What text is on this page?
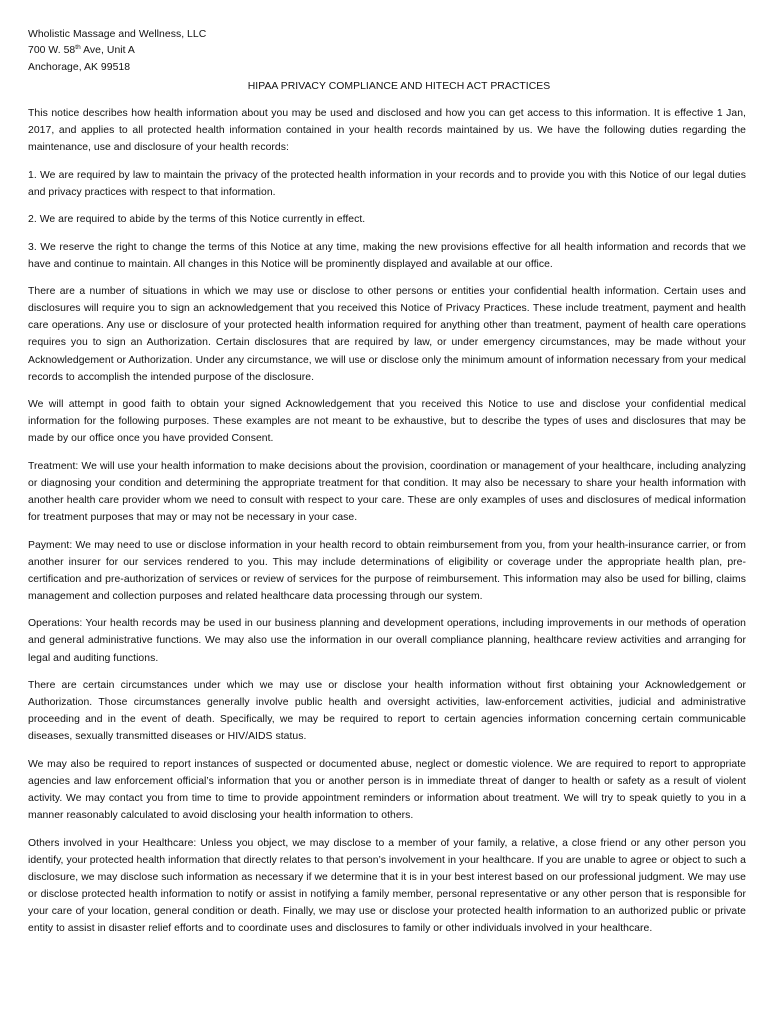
Wholistic Massage and Wellness, LLC

700 W. 58th Ave, Unit A

Anchorage, AK 99518

HIPAA PRIVACY COMPLIANCE AND HITECH ACT PRACTICES

This notice describes how health information about you may be used and disclosed and how you can get access to this information. It is effective 1 Jan, 2017, and applies to all protected health information contained in your health records maintained by us. We have the following duties regarding the maintenance, use and disclosure of your health records:

1. We are required by law to maintain the privacy of the protected health information in your records and to provide you with this Notice of our legal duties and privacy practices with respect to that information.

2. We are required to abide by the terms of this Notice currently in effect.

3. We reserve the right to change the terms of this Notice at any time, making the new provisions effective for all health information and records that we have and continue to maintain. All changes in this Notice will be prominently displayed and available at our office.

There are a number of situations in which we may use or disclose to other persons or entities your confidential health information. Certain uses and disclosures will require you to sign an acknowledgement that you received this Notice of Privacy Practices. These include treatment, payment and health care operations. Any use or disclosure of your protected health information required for anything other than treatment, payment of health care operations requires you to sign an Authorization. Certain disclosures that are required by law, or under emergency circumstances, may be made without your Acknowledgement or Authorization. Under any circumstance, we will use or disclose only the minimum amount of information necessary from your medical records to accomplish the intended purpose of the disclosure.

We will attempt in good faith to obtain your signed Acknowledgement that you received this Notice to use and disclose your confidential medical information for the following purposes. These examples are not meant to be exhaustive, but to describe the types of uses and disclosures that may be made by our office once you have provided Consent.

Treatment: We will use your health information to make decisions about the provision, coordination or management of your healthcare, including analyzing or diagnosing your condition and determining the appropriate treatment for that condition. It may also be necessary to share your health information with another health care provider whom we need to consult with respect to your care. These are only examples of uses and disclosures of medical information for treatment purposes that may or may not be necessary in your case.

Payment: We may need to use or disclose information in your health record to obtain reimbursement from you, from your health-insurance carrier, or from another insurer for our services rendered to you. This may include determinations of eligibility or coverage under the appropriate health plan, pre-certification and pre-authorization of services or review of services for the purpose of reimbursement. This information may also be used for billing, claims management and collection purposes and related healthcare data processing through our system.

Operations: Your health records may be used in our business planning and development operations, including improvements in our methods of operation and general administrative functions. We may also use the information in our overall compliance planning, healthcare review activities and arranging for legal and auditing functions.

There are certain circumstances under which we may use or disclose your health information without first obtaining your Acknowledgement or Authorization. Those circumstances generally involve public health and oversight activities, law-enforcement activities, judicial and administrative proceeding and in the event of death. Specifically, we may be required to report to certain agencies information concerning certain communicable diseases, sexually transmitted diseases or HIV/AIDS status.

We may also be required to report instances of suspected or documented abuse, neglect or domestic violence. We are required to report to appropriate agencies and law enforcement official’s information that you or another person is in immediate threat of danger to health or safety as a result of violent activity. We may contact you from time to time to provide appointment reminders or information about treatment. We will try to speak quietly to you in a manner reasonably calculated to avoid disclosing your health information to others.

Others involved in your Healthcare: Unless you object, we may disclose to a member of your family, a relative, a close friend or any other person you identify, your protected health information that directly relates to that person’s involvement in your healthcare. If you are unable to agree or object to such a disclosure, we may disclose such information as necessary if we determine that it is in your best interest based on our professional judgment. We may use or disclose protected health information to notify or assist in notifying a family member, personal representative or any other person that is responsible for your care of your location, general condition or death. Finally, we may use or disclose your protected health information to an authorized public or private entity to assist in disaster relief efforts and to coordinate uses and disclosures to family or other individuals involved in your healthcare.
